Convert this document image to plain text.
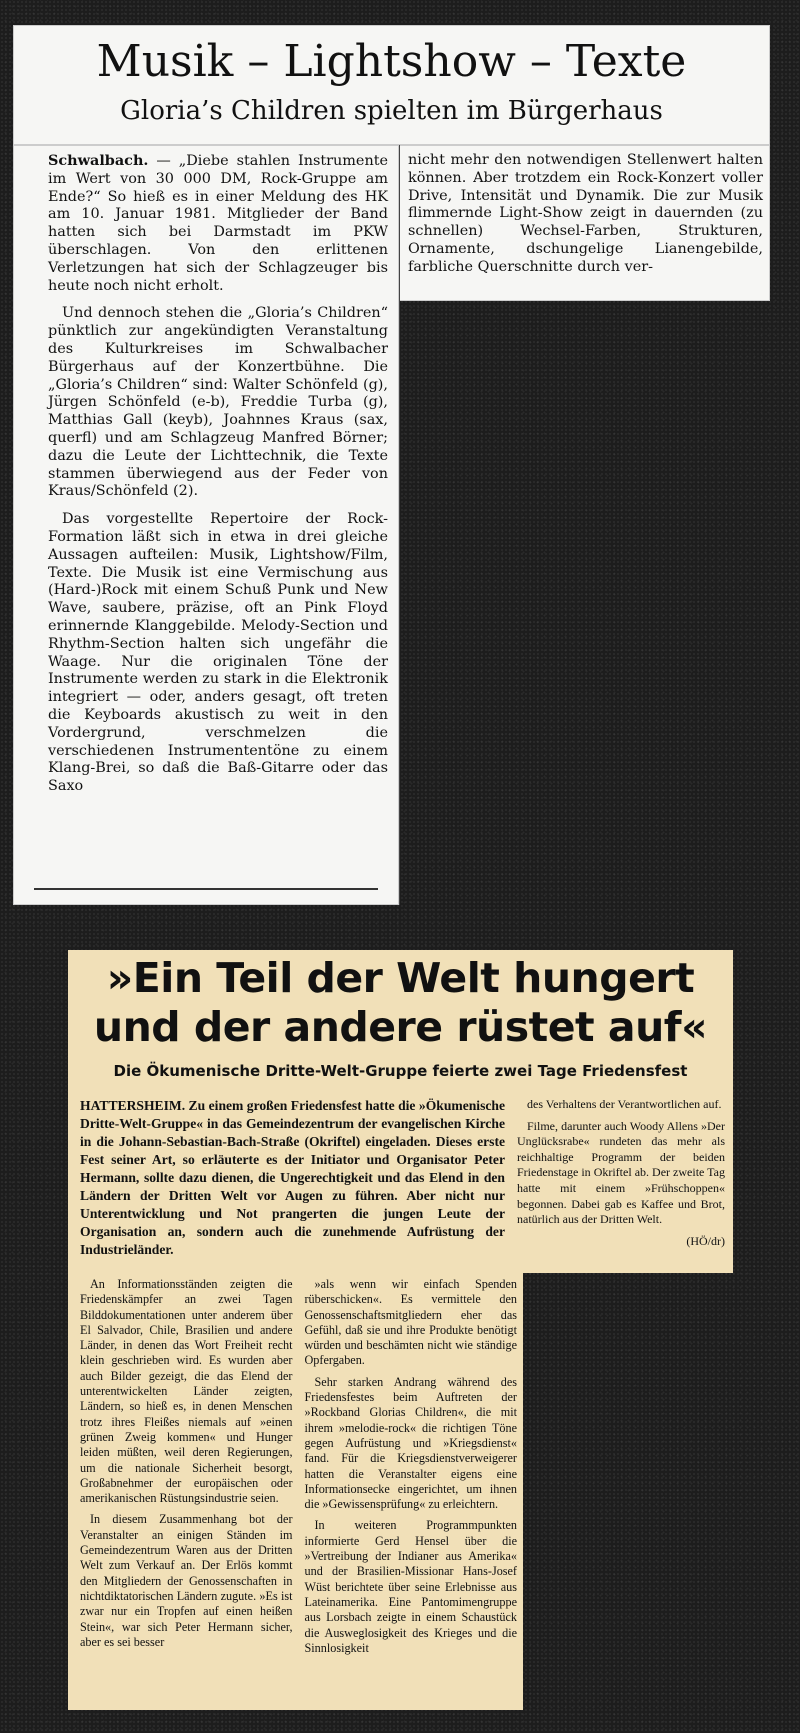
Musik – Lightshow – Texte
Gloria’s Children spielten im Bürgerhaus

Schwalbach. — „Diebe stahlen Instrumente im Wert von 30 000 DM, Rock-Gruppe am Ende?“ So hieß es in einer Meldung des HK am 10. Januar 1981. Mitglieder der Band hatten sich bei Darmstadt im PKW überschlagen. Von den erlittenen Verletzungen hat sich der Schlagzeuger bis heute noch nicht erholt.

Und dennoch stehen die „Gloria’s Children“ pünktlich zur angekündigten Veranstaltung des Kulturkreises im Schwalbacher Bürgerhaus auf der Konzertbühne. Die „Gloria’s Children“ sind: Walter Schönfeld (g), Jürgen Schönfeld (e-b), Freddie Turba (g), Matthias Gall (keyb), Joahnnes Kraus (sax, querfl) und am Schlagzeug Manfred Börner; dazu die Leute der Lichttechnik, die Texte stammen überwiegend aus der Feder von Kraus/Schönfeld (2).

Das vorgestellte Repertoire der Rock-Formation läßt sich in etwa in drei gleiche Aussagen aufteilen: Musik, Lightshow/Film, Texte. Die Musik ist eine Vermischung aus (Hard-)Rock mit einem Schuß Punk und New Wave, saubere, präzise, oft an Pink Floyd erinnernde Klanggebilde. Melody-Section und Rhythm-Section halten sich ungefähr die Waage. Nur die originalen Töne der Instrumente werden zu stark in die Elektronik integriert — oder, anders gesagt, oft treten die Keyboards akustisch zu weit in den Vordergrund, verschmelzen die verschiedenen Instrumententöne zu einem Klang-Brei, so daß die Baß-Gitarre oder das Saxo

nicht mehr den notwendigen Stellenwert halten können. Aber trotzdem ein Rock-Konzert voller Drive, Intensität und Dynamik. Die zur Musik flimmernde Light-Show zeigt in dauernden (zu schnellen) Wechsel-Farben, Strukturen, Ornamente, dschungelige Lianengebilde, farbliche Querschnitte durch ver-

»Ein Teil der Welt hungert
und der andere rüstet auf«
Die Ökumenische Dritte-Welt-Gruppe feierte zwei Tage Friedensfest
HATTERSHEIM. Zu einem großen Friedensfest hatte die »Ökumenische Dritte-Welt-Gruppe« in das Gemeindezentrum der evangelischen Kirche in die Johann-Sebastian-Bach-Straße (Okriftel) eingeladen. Dieses erste Fest seiner Art, so erläuterte es der Initiator und Organisator Peter Hermann, sollte dazu dienen, die Ungerechtigkeit und das Elend in den Ländern der Dritten Welt vor Augen zu führen. Aber nicht nur Unterentwicklung und Not prangerten die jungen Leute der Organisation an, sondern auch die zunehmende Aufrüstung der Industrieländer.

des Verhaltens der Verantwortlichen auf.

Filme, darunter auch Woody Allens »Der Unglücksrabe« rundeten das mehr als reichhaltige Programm der beiden Friedenstage in Okriftel ab. Der zweite Tag hatte mit einem »Frühschoppen« begonnen. Dabei gab es Kaffee und Brot, natürlich aus der Dritten Welt.

(HÖ/dr)

An Informationsständen zeigten die Friedenskämpfer an zwei Tagen Bilddokumentationen unter anderem über El Salvador, Chile, Brasilien und andere Länder, in denen das Wort Freiheit recht klein geschrieben wird. Es wurden aber auch Bilder gezeigt, die das Elend der unterentwickelten Länder zeigten, Ländern, so hieß es, in denen Menschen trotz ihres Fleißes niemals auf »einen grünen Zweig kommen« und Hunger leiden müßten, weil deren Regierungen, um die nationale Sicherheit besorgt, Großabnehmer der europäischen oder amerikanischen Rüstungsindustrie seien.

In diesem Zusammenhang bot der Veranstalter an einigen Ständen im Gemeindezentrum Waren aus der Dritten Welt zum Verkauf an. Der Erlös kommt den Mitgliedern der Genossenschaften in nichtdiktatorischen Ländern zugute. »Es ist zwar nur ein Tropfen auf einen heißen Stein«, war sich Peter Hermann sicher, aber es sei besser

»als wenn wir einfach Spenden rüberschicken«. Es vermittele den Genossenschaftsmitgliedern eher das Gefühl, daß sie und ihre Produkte benötigt würden und beschämten nicht wie ständige Opfergaben.

Sehr starken Andrang während des Friedensfestes beim Auftreten der »Rockband Glorias Children«, die mit ihrem »melodie-rock« die richtigen Töne gegen Aufrüstung und »Kriegsdienst« fand. Für die Kriegsdienstverweigerer hatten die Veranstalter eigens eine Informationsecke eingerichtet, um ihnen die »Gewissensprüfung« zu erleichtern.

In weiteren Programmpunkten informierte Gerd Hensel über die »Vertreibung der Indianer aus Amerika« und der Brasilien-Missionar Hans-Josef Wüst berichtete über seine Erlebnisse aus Lateinamerika. Eine Pantomimengruppe aus Lorsbach zeigte in einem Schaustück die Ausweglosigkeit des Krieges und die Sinnlosigkeit
